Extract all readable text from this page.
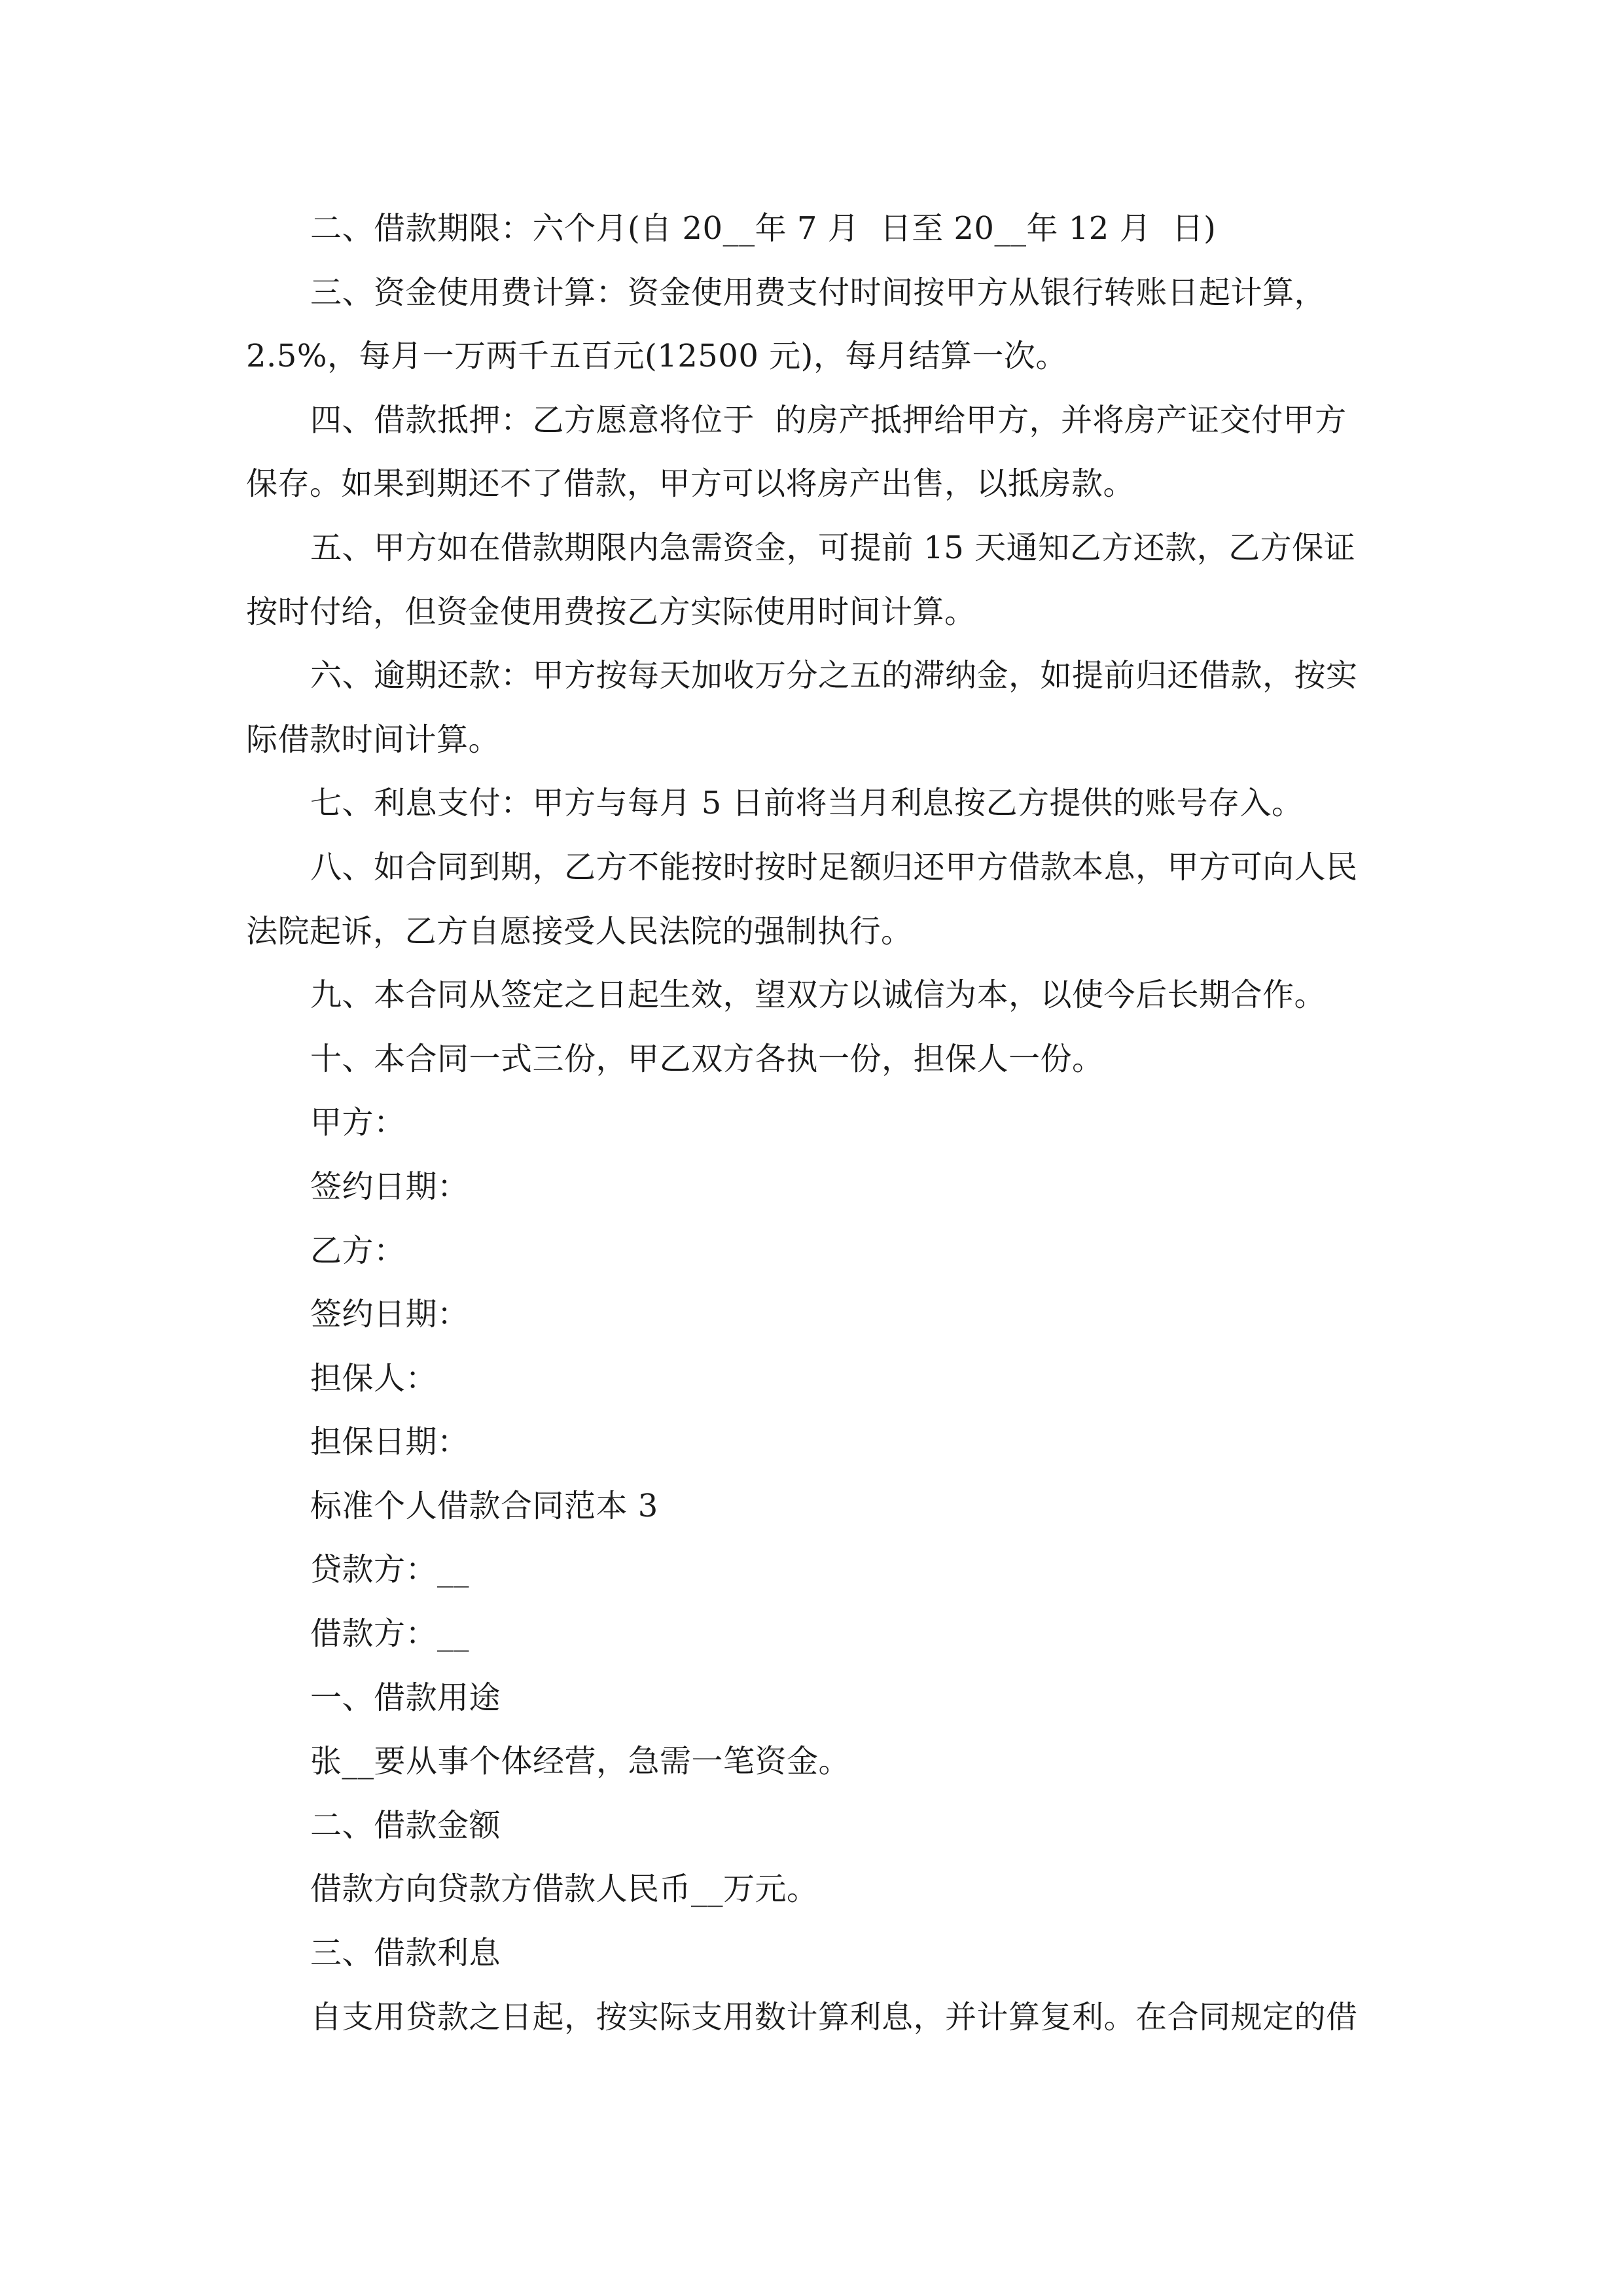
二、借款期限：六个月(自 20__年 7 月  日至 20__年 12 月  日)
三、资金使用费计算：资金使用费支付时间按甲方从银行转账日起计算，
2.5%，每月一万两千五百元(12500 元)，每月结算一次。
四、借款抵押：乙方愿意将位于  的房产抵押给甲方，并将房产证交付甲方
保存。如果到期还不了借款，甲方可以将房产出售，以抵房款。
五、甲方如在借款期限内急需资金，可提前 15 天通知乙方还款，乙方保证
按时付给，但资金使用费按乙方实际使用时间计算。
六、逾期还款：甲方按每天加收万分之五的滞纳金，如提前归还借款，按实
际借款时间计算。
七、利息支付：甲方与每月 5 日前将当月利息按乙方提供的账号存入。
八、如合同到期，乙方不能按时按时足额归还甲方借款本息，甲方可向人民
法院起诉，乙方自愿接受人民法院的强制执行。
九、本合同从签定之日起生效，望双方以诚信为本，以使今后长期合作。
十、本合同一式三份，甲乙双方各执一份，担保人一份。
甲方：
签约日期：
乙方：
签约日期：
担保人：
担保日期：
标准个人借款合同范本 3
贷款方：__
借款方：__
一、借款用途
张__要从事个体经营，急需一笔资金。
二、借款金额
借款方向贷款方借款人民币__万元。
三、借款利息
自支用贷款之日起，按实际支用数计算利息，并计算复利。在合同规定的借
